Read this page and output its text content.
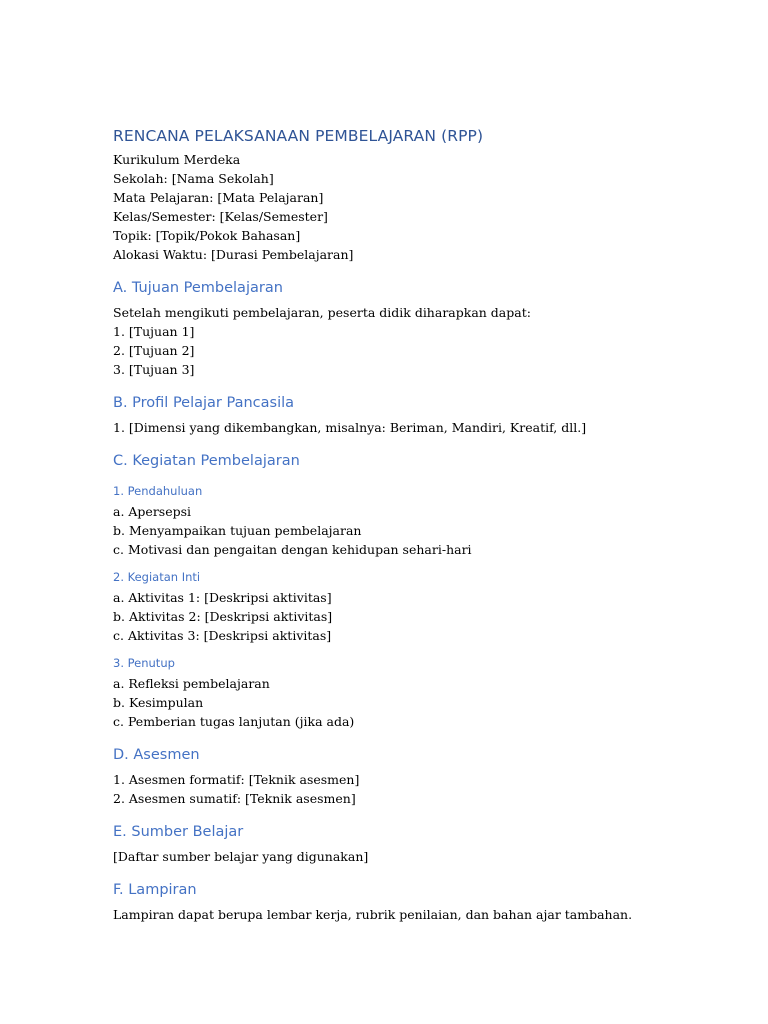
RENCANA PELAKSANAAN PEMBELAJARAN (RPP)

Kurikulum Merdeka

Sekolah: [Nama Sekolah]

Mata Pelajaran: [Mata Pelajaran]

Kelas/Semester: [Kelas/Semester]

Topik: [Topik/Pokok Bahasan]

Alokasi Waktu: [Durasi Pembelajaran]

A. Tujuan Pembelajaran

Setelah mengikuti pembelajaran, peserta didik diharapkan dapat:

1. [Tujuan 1]

2. [Tujuan 2]

3. [Tujuan 3]

B. Profil Pelajar Pancasila

1. [Dimensi yang dikembangkan, misalnya: Beriman, Mandiri, Kreatif, dll.]

C. Kegiatan Pembelajaran
1. Pendahuluan

a. Apersepsi

b. Menyampaikan tujuan pembelajaran

c. Motivasi dan pengaitan dengan kehidupan sehari-hari

2. Kegiatan Inti

a. Aktivitas 1: [Deskripsi aktivitas]

b. Aktivitas 2: [Deskripsi aktivitas]

c. Aktivitas 3: [Deskripsi aktivitas]

3. Penutup

a. Refleksi pembelajaran

b. Kesimpulan

c. Pemberian tugas lanjutan (jika ada)

D. Asesmen

1. Asesmen formatif: [Teknik asesmen]

2. Asesmen sumatif: [Teknik asesmen]

E. Sumber Belajar

[Daftar sumber belajar yang digunakan]

F. Lampiran

Lampiran dapat berupa lembar kerja, rubrik penilaian, dan bahan ajar tambahan.
